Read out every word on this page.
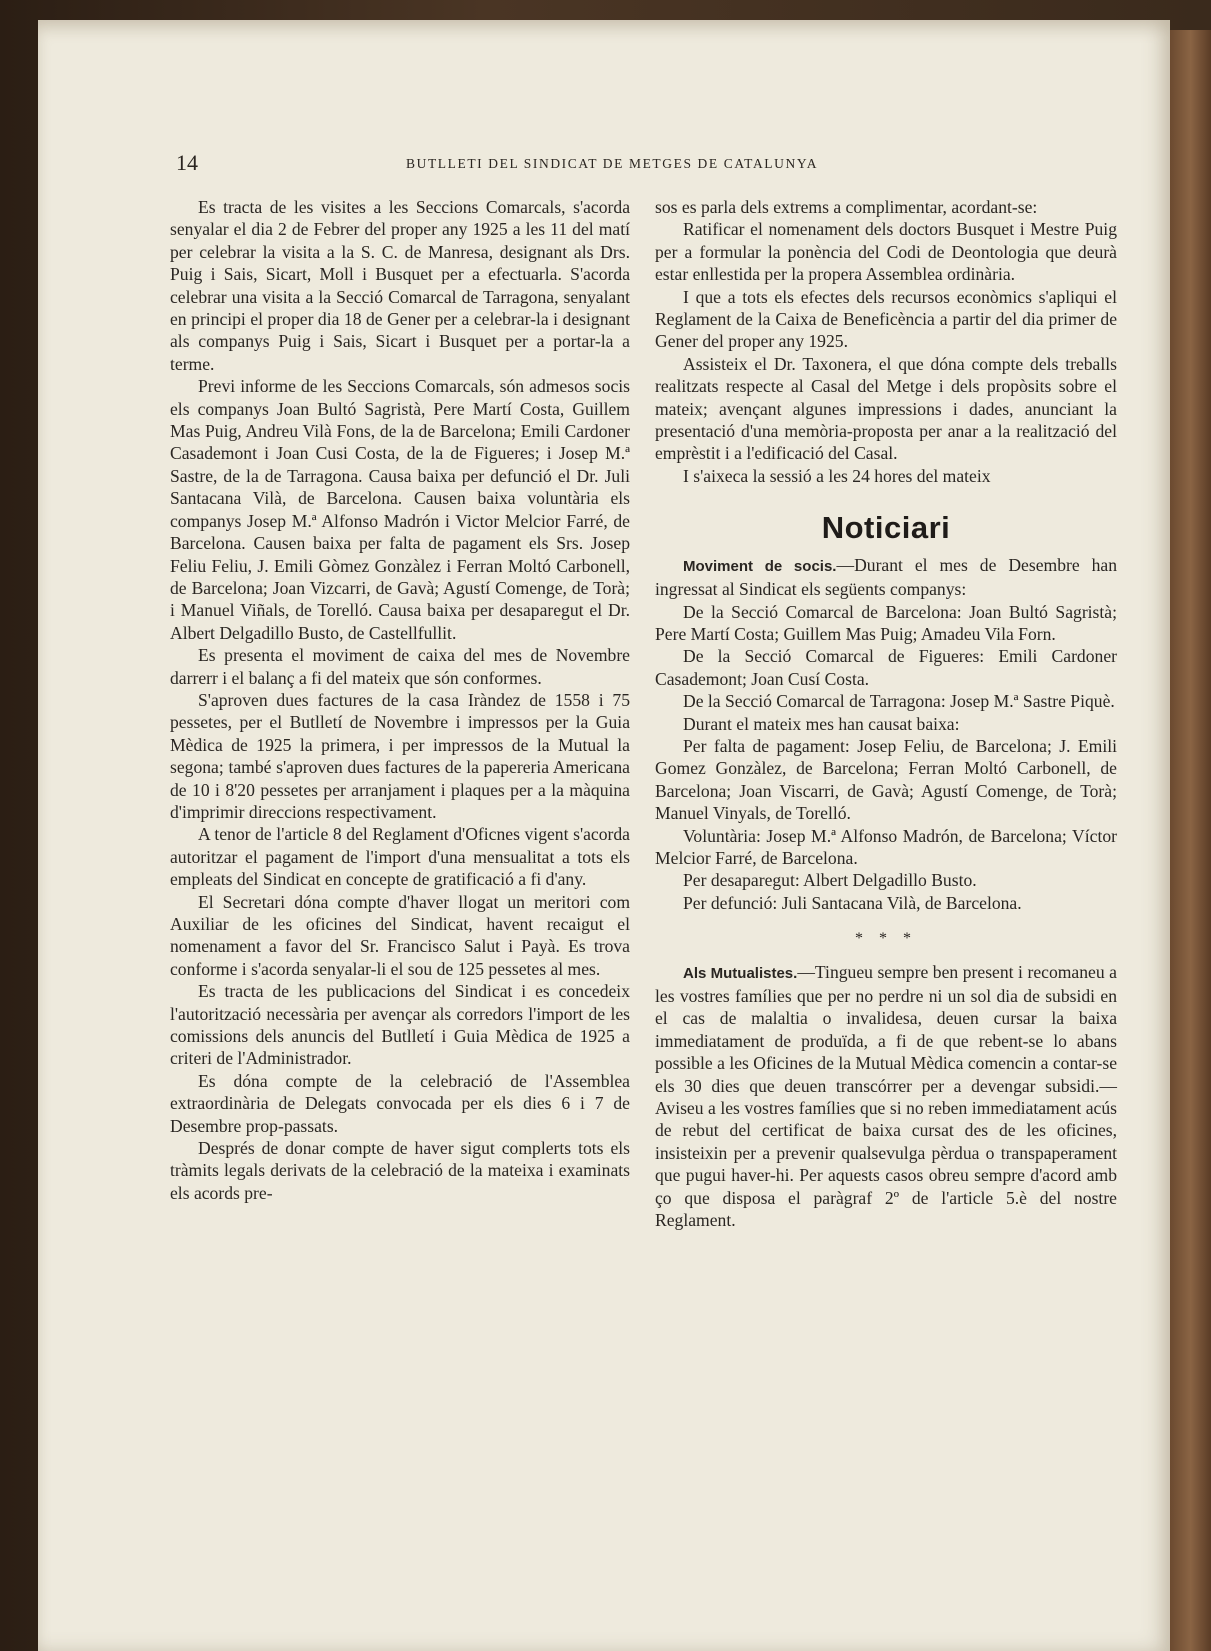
14	BUTLLETI DEL SINDICAT DE METGES DE CATALUNYA

Es tracta de les visites a les Seccions Comarcals, s'acorda senyalar el dia 2 de Febrer del proper any 1925 a les 11 del matí per celebrar la visita a la S. C. de Manresa, designant als Drs. Puig i Sais, Sicart, Moll i Busquet per a efectuarla. S'acorda celebrar una visita a la Secció Comarcal de Tarragona, senyalant en principi el proper dia 18 de Gener per a celebrar-la i designant als companys Puig i Sais, Sicart i Busquet per a portar-la a terme.

Previ informe de les Seccions Comarcals, són admesos socis els companys Joan Bultó Sagristà, Pere Martí Costa, Guillem Mas Puig, Andreu Vilà Fons, de la de Barcelona; Emili Cardoner Casademont i Joan Cusi Costa, de la de Figueres; i Josep M.ª Sastre, de la de Tarragona. Causa baixa per defunció el Dr. Juli Santacana Vilà, de Barcelona. Causen baixa voluntària els companys Josep M.ª Alfonso Madrón i Victor Melcior Farré, de Barcelona. Causen baixa per falta de pagament els Srs. Josep Feliu Feliu, J. Emili Gòmez Gonzàlez i Ferran Moltó Carbonell, de Barcelona; Joan Vizcarri, de Gavà; Agustí Comenge, de Torà; i Manuel Viñals, de Torelló. Causa baixa per desaparegut el Dr. Albert Delgadillo Busto, de Castellfullit.

Es presenta el moviment de caixa del mes de Novembre darrerr i el balanç a fi del mateix que són conformes.

S'aproven dues factures de la casa Iràndez de 1558 i 75 pessetes, per el Butlletí de Novembre i impressos per la Guia Mèdica de 1925 la primera, i per impressos de la Mutual la segona; també s'aproven dues factures de la papereria Americana de 10 i 8'20 pessetes per arranjament i plaques per a la màquina d'imprimir direccions respectivament.

A tenor de l'article 8 del Reglament d'Oficnes vigent s'acorda autoritzar el pagament de l'import d'una mensualitat a tots els empleats del Sindicat en concepte de gratificació a fi d'any.

El Secretari dóna compte d'haver llogat un meritori com Auxiliar de les oficines del Sindicat, havent recaigut el nomenament a favor del Sr. Francisco Salut i Payà. Es trova conforme i s'acorda senyalar-li el sou de 125 pessetes al mes.

Es tracta de les publicacions del Sindicat i es concedeix l'autorització necessària per avençar als corredors l'import de les comissions dels anuncis del Butlletí i Guia Mèdica de 1925 a criteri de l'Administrador.

Es dóna compte de la celebració de l'Assemblea extraordinària de Delegats convocada per els dies 6 i 7 de Desembre prop-passats.

Després de donar compte de haver sigut complerts tots els tràmits legals derivats de la celebració de la mateixa i examinats els acords pre-

sos es parla dels extrems a complimentar, acordant-se:

Ratificar el nomenament dels doctors Busquet i Mestre Puig per a formular la ponència del Codi de Deontologia que deurà estar enllestida per la propera Assemblea ordinària.

I que a tots els efectes dels recursos econòmics s'apliqui el Reglament de la Caixa de Beneficència a partir del dia primer de Gener del proper any 1925.

Assisteix el Dr. Taxonera, el que dóna compte dels treballs realitzats respecte al Casal del Metge i dels propòsits sobre el mateix; avençant algunes impressions i dades, anunciant la presentació d'una memòria-proposta per anar a la realització del emprèstit i a l'edificació del Casal.

I s'aixeca la sessió a les 24 hores del mateix

Noticiari

Moviment de socis.—Durant el mes de Desembre han ingressat al Sindicat els següents companys:

De la Secció Comarcal de Barcelona: Joan Bultó Sagristà; Pere Martí Costa; Guillem Mas Puig; Amadeu Vila Forn.

De la Secció Comarcal de Figueres: Emili Cardoner Casademont; Joan Cusí Costa.

De la Secció Comarcal de Tarragona: Josep M.ª Sastre Piquè.

Durant el mateix mes han causat baixa:

Per falta de pagament: Josep Feliu, de Barcelona; J. Emili Gomez Gonzàlez, de Barcelona; Ferran Moltó Carbonell, de Barcelona; Joan Viscarri, de Gavà; Agustí Comenge, de Torà; Manuel Vinyals, de Torelló.

Voluntària: Josep M.ª Alfonso Madrón, de Barcelona; Víctor Melcior Farré, de Barcelona.

Per desaparegut: Albert Delgadillo Busto.

Per defunció: Juli Santacana Vilà, de Barcelona.

* * *

Als Mutualistes.—Tingueu sempre ben present i recomaneu a les vostres famílies que per no perdre ni un sol dia de subsidi en el cas de malaltia o invalidesa, deuen cursar la baixa immediatament de produïda, a fi de que rebent-se lo abans possible a les Oficines de la Mutual Mèdica comencin a contar-se els 30 dies que deuen transcórrer per a devengar subsidi.—Aviseu a les vostres famílies que si no reben immediatament acús de rebut del certificat de baixa cursat des de les oficines, insisteixin per a prevenir qualsevulga pèrdua o transpaperament que pugui haver-hi. Per aquests casos obreu sempre d'acord amb ço que disposa el paràgraf 2º de l'article 5.è del nostre Reglament.
